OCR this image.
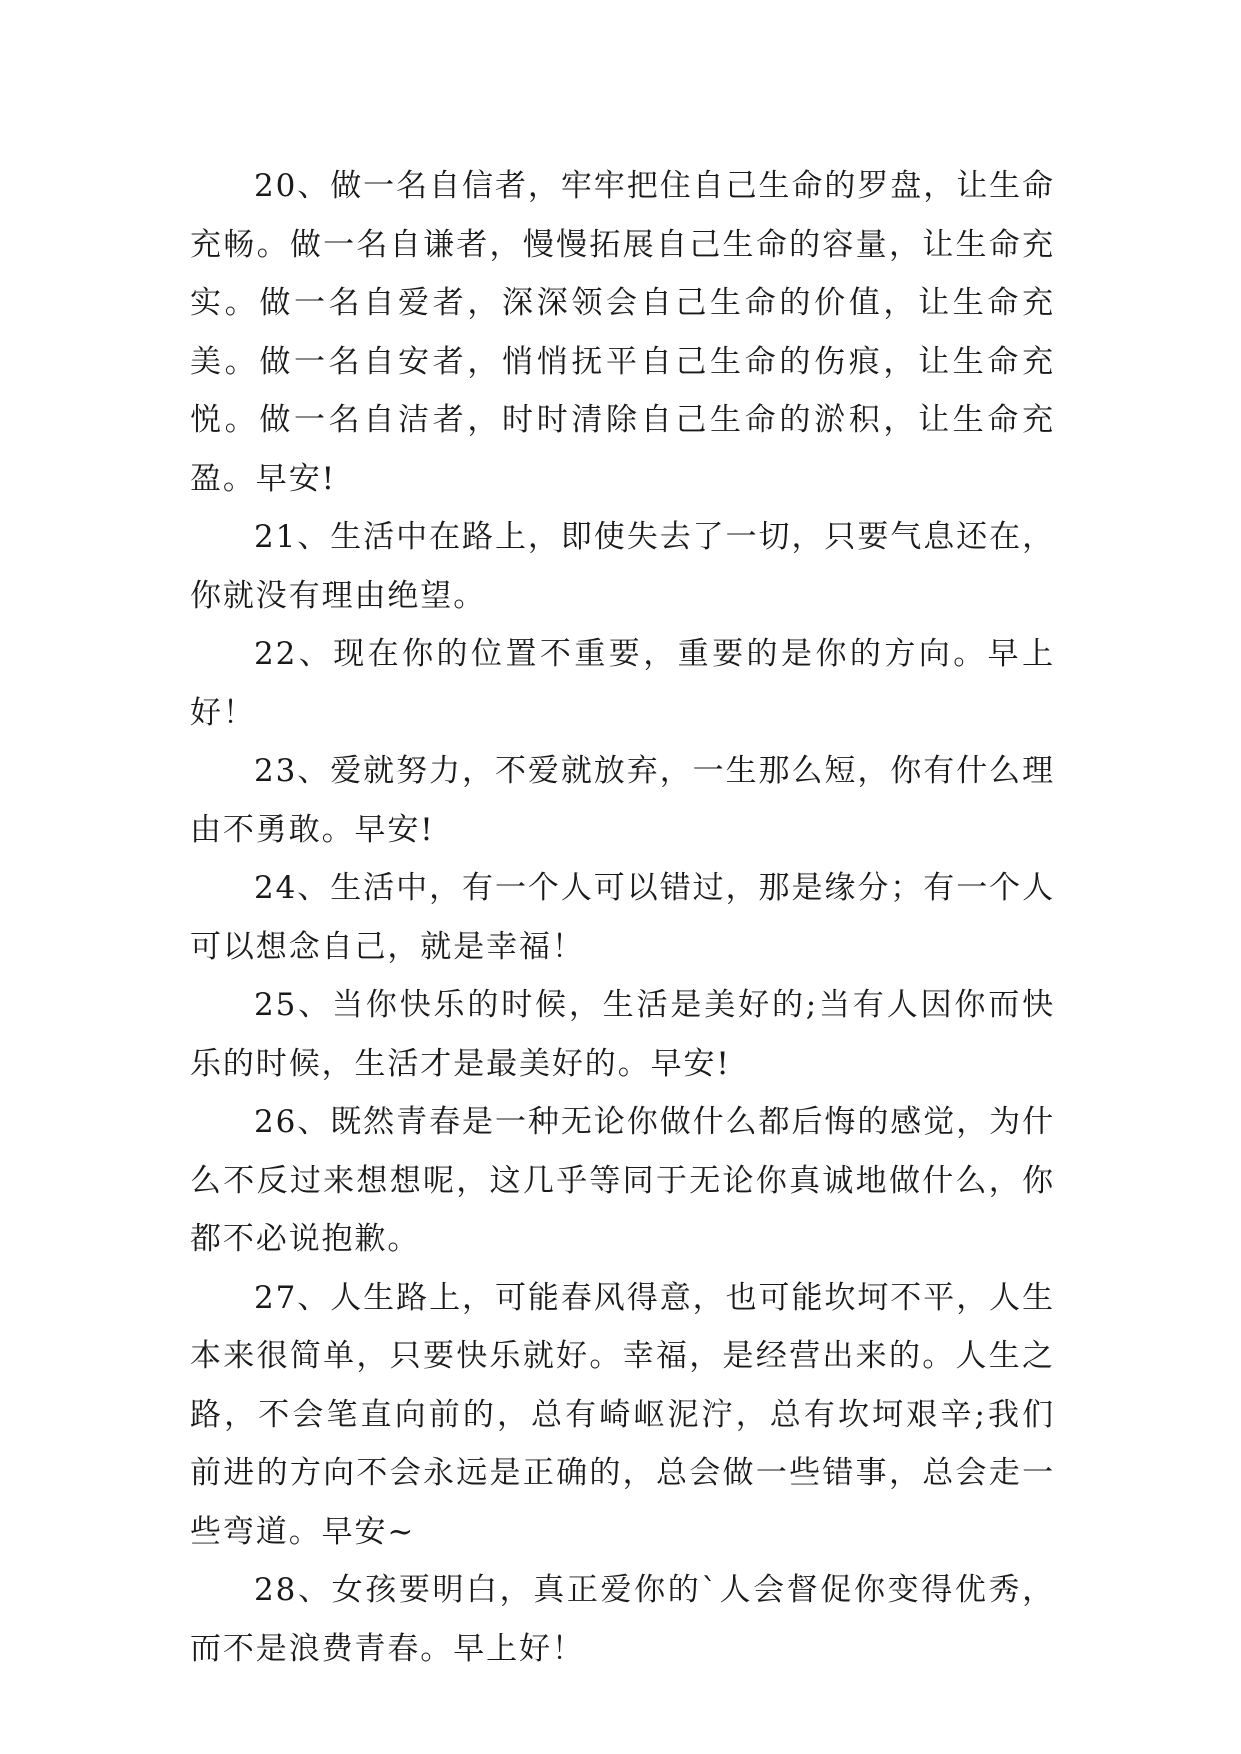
20、做一名自信者，牢牢把住自己生命的罗盘，让生命充畅。做一名自谦者，慢慢拓展自己生命的容量，让生命充实。做一名自爱者，深深领会自己生命的价值，让生命充美。做一名自安者，悄悄抚平自己生命的伤痕，让生命充悦。做一名自洁者，时时清除自己生命的淤积，让生命充盈。早安!

21、生活中在路上，即使失去了一切，只要气息还在，你就没有理由绝望。

22、现在你的位置不重要，重要的是你的方向。早上好！

23、爱就努力，不爱就放弃，一生那么短，你有什么理由不勇敢。早安!

24、生活中，有一个人可以错过，那是缘分；有一个人可以想念自己，就是幸福！

25、当你快乐的时候，生活是美好的;当有人因你而快乐的时候，生活才是最美好的。早安!

26、既然青春是一种无论你做什么都后悔的感觉，为什么不反过来想想呢，这几乎等同于无论你真诚地做什么，你都不必说抱歉。

27、人生路上，可能春风得意，也可能坎坷不平，人生本来很简单，只要快乐就好。幸福，是经营出来的。人生之路，不会笔直向前的，总有崎岖泥泞，总有坎坷艰辛;我们前进的方向不会永远是正确的，总会做一些错事，总会走一些弯道。早安~

28、女孩要明白，真正爱你的`人会督促你变得优秀，而不是浪费青春。早上好！
